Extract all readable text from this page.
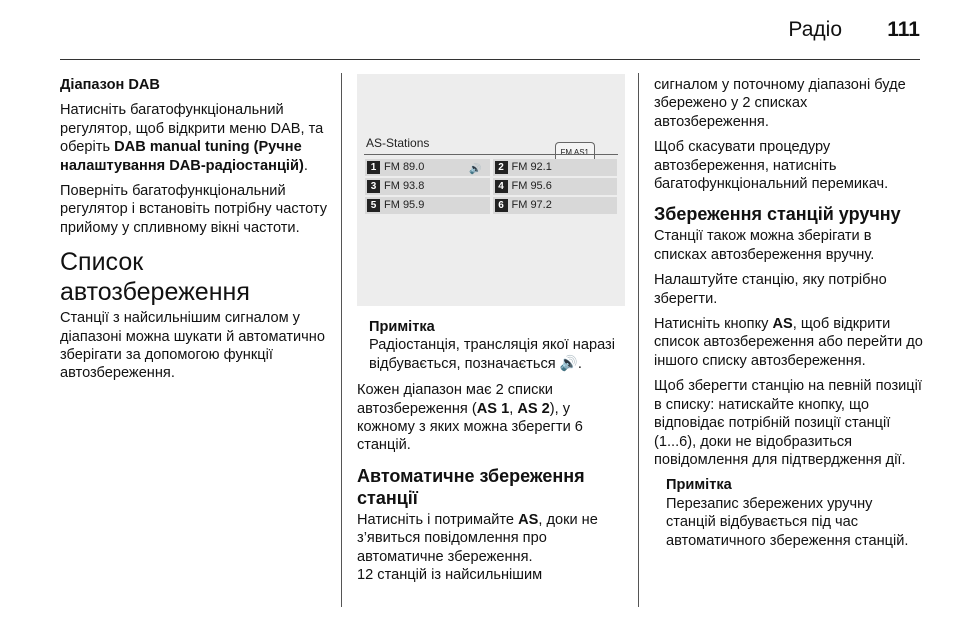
Радіо 111

Діапазон DAB

Натисніть багатофункціональний регулятор, щоб відкрити меню DAB, та оберіть DAB manual tuning (Ручне налаштування DAB-радіостанцій).

Поверніть багатофункціональний регулятор і встановіть потрібну частоту прийому у спливному вікні частоти.

Список автозбереження

Станції з найсильнішим сигналом у діапазоні можна шукати й автоматично зберігати за допомогою функції автозбереження.

AS-Stations
FM AS1
1 FM 89.0	🔊	2 FM 92.1
3 FM 93.8	4 FM 95.6
5 FM 95.9	6 FM 97.2
Примітка
Радіостанція, трансляція якої наразі відбувається, позначається 🔊.

Кожен діапазон має 2 списки автозбереження (AS 1, AS 2), у кожному з яких можна зберегти 6 станцій.

Автоматичне збереження станції

Натисніть і потримайте AS, доки не з’явиться повідомлення про автоматичне збереження.

12 станцій із найсильнішим

сигналом у поточному діапазоні буде збережено у 2 списках автозбереження.

Щоб скасувати процедуру автозбереження, натисніть багатофункціональний перемикач.

Збереження станцій уручну

Станції також можна зберігати в списках автозбереження вручну.

Налаштуйте станцію, яку потрібно зберегти.

Натисніть кнопку AS, щоб відкрити список автозбереження або перейти до іншого списку автозбереження.

Щоб зберегти станцію на певній позиції в списку: натискайте кнопку, що відповідає потрібній позиції станції (1...6), доки не відобразиться повідомлення для підтвердження дії.

Примітка
Перезапис збережених уручну станцій відбувається під час автоматичного збереження станцій.
